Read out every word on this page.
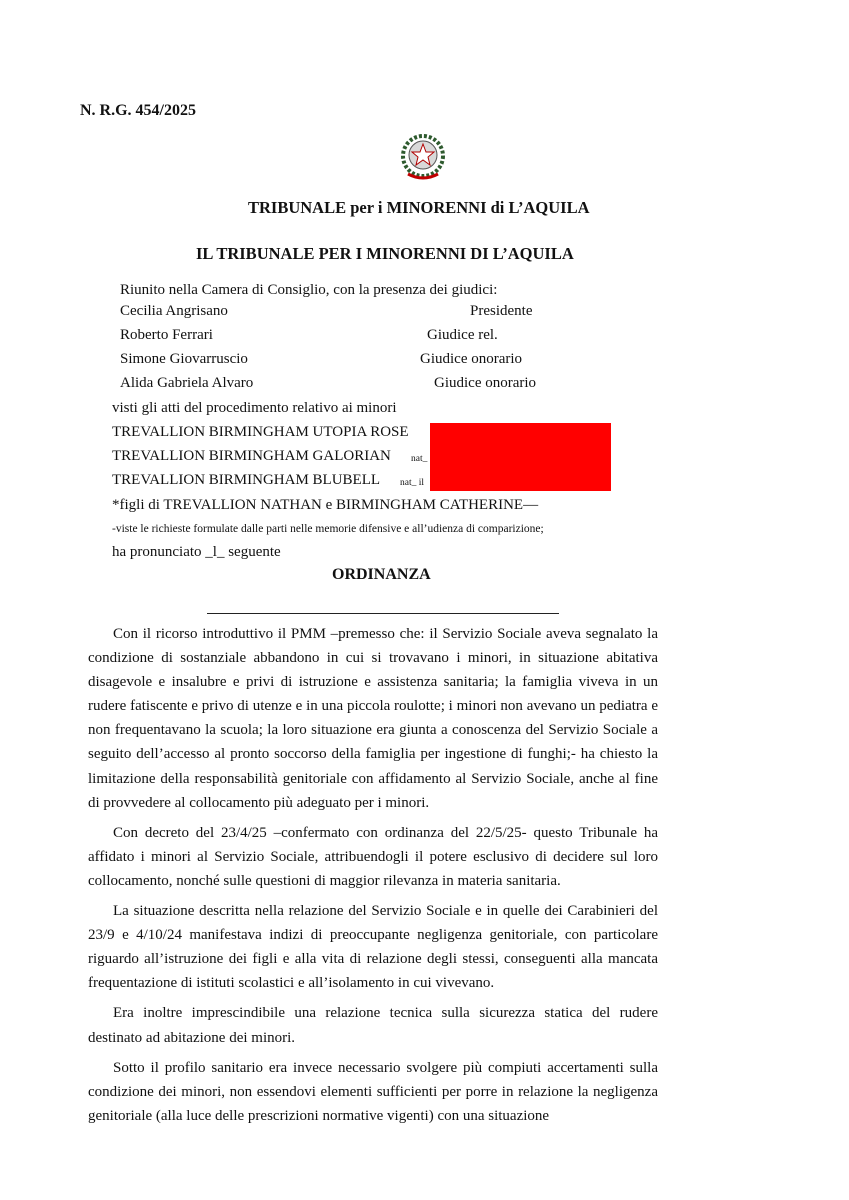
N. R.G. 454/2025
TRIBUNALE per i MINORENNI di L’AQUILA
IL TRIBUNALE PER I MINORENNI DI L’AQUILA
Riunito nella Camera di Consiglio, con la presenza dei giudici:
Cecilia Angrisano	Presidente
Roberto Ferrari	Giudice rel.
Simone Giovarruscio	Giudice onorario
Alida Gabriela Alvaro	Giudice onorario
visti gli atti del procedimento relativo ai minori
TREVALLION BIRMINGHAM UTOPIA ROSE
TREVALLION BIRMINGHAM GALORIAN nat_
TREVALLION BIRMINGHAM BLUBELL nat_ il
*figli di TREVALLION NATHAN e BIRMINGHAM CATHERINE—
-viste le richieste formulate dalle parti nelle memorie difensive e all’udienza di comparizione;
ha pronunciato _l_ seguente
ORDINANZA

Con il ricorso introduttivo il PMM –premesso che: il Servizio Sociale aveva segnalato la condizione di sostanziale abbandono in cui si trovavano i minori, in situazione abitativa disagevole e insalubre e privi di istruzione e assistenza sanitaria; la famiglia viveva in un rudere fatiscente e privo di utenze e in una piccola roulotte; i minori non avevano un pediatra e non frequentavano la scuola; la loro situazione era giunta a conoscenza del Servizio Sociale a seguito dell’accesso al pronto soccorso della famiglia per ingestione di funghi;- ha chiesto la limitazione della responsabilità genitoriale con affidamento al Servizio Sociale, anche al fine di provvedere al collocamento più adeguato per i minori.

Con decreto del 23/4/25 –confermato con ordinanza del 22/5/25- questo Tribunale ha affidato i minori al Servizio Sociale, attribuendogli il potere esclusivo di decidere sul loro collocamento, nonché sulle questioni di maggior rilevanza in materia sanitaria.

La situazione descritta nella relazione del Servizio Sociale e in quelle dei Carabinieri del 23/9 e 4/10/24 manifestava indizi di preoccupante negligenza genitoriale, con particolare riguardo all’istruzione dei figli e alla vita di relazione degli stessi, conseguenti alla mancata frequentazione di istituti scolastici e all’isolamento in cui vivevano.

Era inoltre imprescindibile una relazione tecnica sulla sicurezza statica del rudere destinato ad abitazione dei minori.

Sotto il profilo sanitario era invece necessario svolgere più compiuti accertamenti sulla condizione dei minori, non essendovi elementi sufficienti per porre in relazione la negligenza genitoriale (alla luce delle prescrizioni normative vigenti) con una situazione
